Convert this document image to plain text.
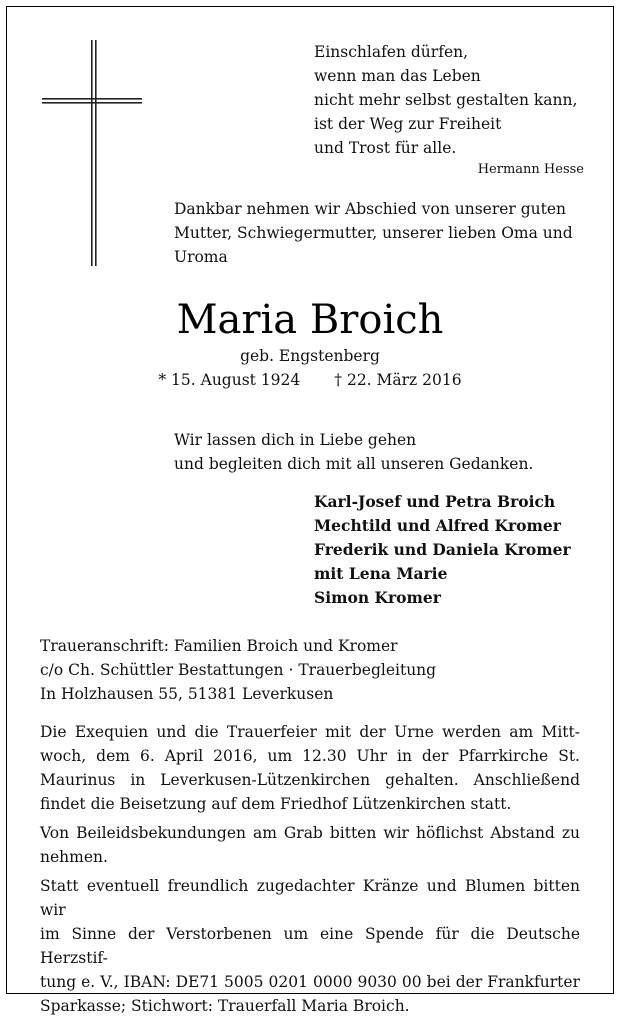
Einschlafen dürfen,
wenn man das Leben
nicht mehr selbst gestalten kann,
ist der Weg zur Freiheit
und Trost für alle.
Hermann Hesse
Dankbar nehmen wir Abschied von unserer guten
Mutter, Schwiegermutter, unserer lieben Oma und
Uroma
Maria Broich
geb. Engstenberg
* 15. August 1924 † 22. März 2016
Wir lassen dich in Liebe gehen
und begleiten dich mit all unseren Gedanken.
Karl-Josef und Petra Broich
Mechtild und Alfred Kromer
Frederik und Daniela Kromer
mit Lena Marie
Simon Kromer
Traueranschrift: Familien Broich und Kromer
c/o Ch. Schüttler Bestattungen · Trauerbegleitung
In Holzhausen 55, 51381 Leverkusen
Die Exequien und die Trauerfeier mit der Urne werden am Mitt-
woch, dem 6. April 2016, um 12.30 Uhr in der Pfarrkirche St.
Maurinus in Leverkusen-Lützenkirchen gehalten. Anschließend
findet die Beisetzung auf dem Friedhof Lützenkirchen statt.
Von Beileidsbekundungen am Grab bitten wir höflichst Abstand zu
nehmen.
Statt eventuell freundlich zugedachter Kränze und Blumen bitten wir
im Sinne der Verstorbenen um eine Spende für die Deutsche Herzstif-
tung e. V., IBAN: DE71 5005 0201 0000 9030 00 bei der Frankfurter
Sparkasse; Stichwort: Trauerfall Maria Broich.
